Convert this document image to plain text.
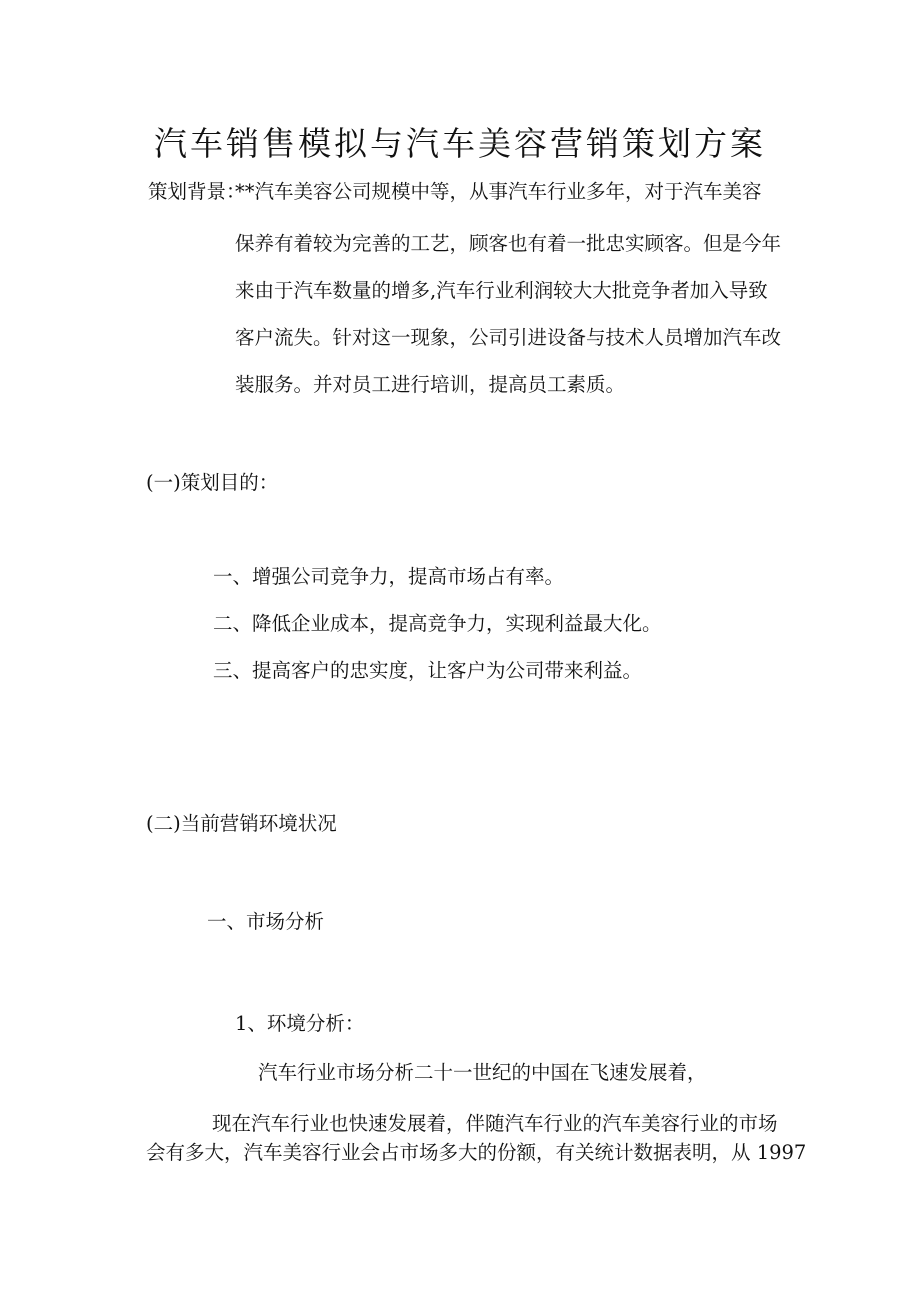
汽车销售模拟与汽车美容营销策划方案
策划背景：
**汽车美容公司规模中等，从事汽车行业多年，对于汽车美容
保养有着较为完善的工艺，顾客也有着一批忠实顾客。但是今年
来由于汽车数量的增多,汽车行业利润较大大批竞争者加入导致
客户流失。针对这一现象，公司引进设备与技术人员增加汽车改
装服务。并对员工进行培训，提高员工素质。
(一)策划目的：
一、增强公司竞争力，提高市场占有率。
二、降低企业成本，提高竞争力，实现利益最大化。
三、提高客户的忠实度，让客户为公司带来利益。
(二)当前营销环境状况
一、市场分析
1、环境分析：
汽车行业市场分析二十一世纪的中国在飞速发展着，
现在汽车行业也快速发展着，伴随汽车行业的汽车美容行业的市场
会有多大，汽车美容行业会占市场多大的份额，有关统计数据表明，从 1997
